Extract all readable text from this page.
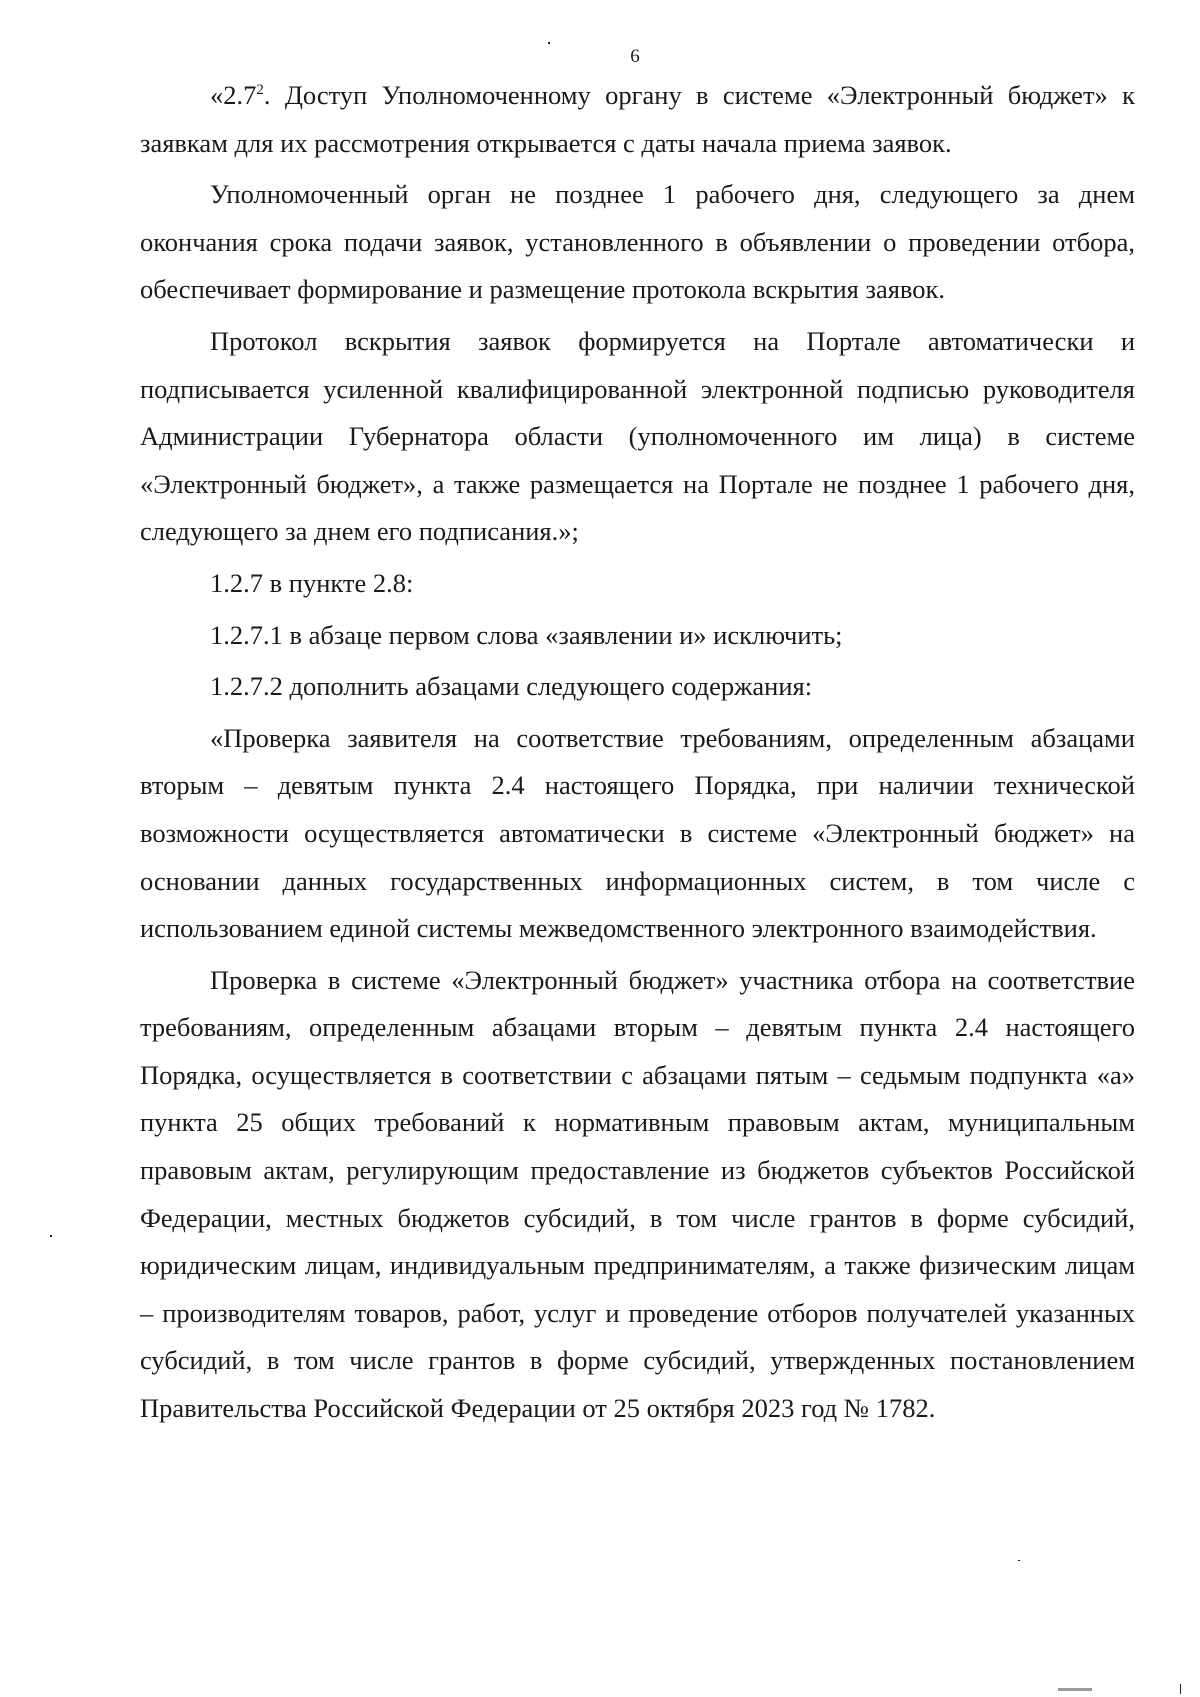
6

«$2.7^2$. Доступ Уполномоченному органу в системе «Электронный бюджет» к заявкам для их рассмотрения открывается с даты начала приема заявок.

Уполномоченный орган не позднее 1 рабочего дня, следующего за днем окончания срока подачи заявок, установленного в объявлении о проведении отбора, обеспечивает формирование и размещение протокола вскрытия заявок.

Протокол вскрытия заявок формируется на Портале автоматически и подписывается усиленной квалифицированной электронной подписью руководителя Администрации Губернатора области (уполномоченного им лица) в системе «Электронный бюджет», а также размещается на Портале не позднее 1 рабочего дня, следующего за днем его подписания.»;

1.2.7 в пункте 2.8:

1.2.7.1 в абзаце первом слова «заявлении и» исключить;

1.2.7.2 дополнить абзацами следующего содержания:

«Проверка заявителя на соответствие требованиям, определенным абзацами вторым – девятым пункта 2.4 настоящего Порядка, при наличии технической возможности осуществляется автоматически в системе «Электронный бюджет» на основании данных государственных информационных систем, в том числе с использованием единой системы межведомственного электронного взаимодействия.

Проверка в системе «Электронный бюджет» участника отбора на соответствие требованиям, определенным абзацами вторым – девятым пункта 2.4 настоящего Порядка, осуществляется в соответствии с абзацами пятым – седьмым подпункта «а» пункта 25 общих требований к нормативным правовым актам, муниципальным правовым актам, регулирующим предоставление из бюджетов субъектов Российской Федерации, местных бюджетов субсидий, в том числе грантов в форме субсидий, юридическим лицам, индивидуальным предпринимателям, а также физическим лицам – производителям товаров, работ, услуг и проведение отборов получателей указанных субсидий, в том числе грантов в форме субсидий, утвержденных постановлением Правительства Российской Федерации от 25 октября 2023 год № 1782.
